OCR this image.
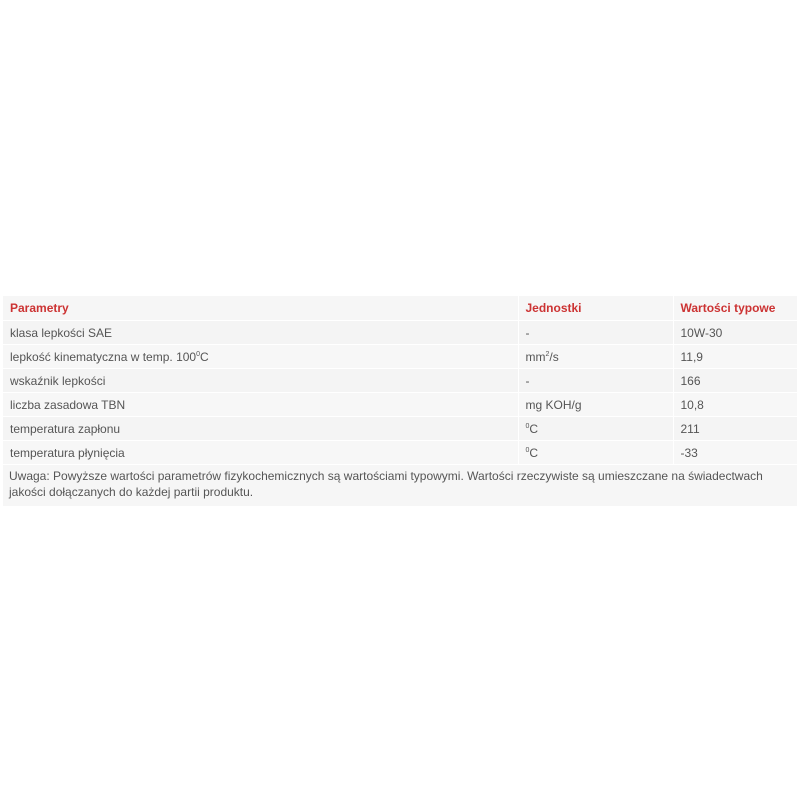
Parametry	Jednostki	Wartości typowe
klasa lepkości SAE	-	10W-30
lepkość kinematyczna w temp. $100^0C$	$mm^2/s$	11,9
wskaźnik lepkości	-	166
liczba zasadowa TBN	mg KOH/g	10,8
temperatura zapłonu	$^0$C	211
temperatura płynięcia	$^0$C	-33
Uwaga: Powyższe wartości parametrów fizykochemicznych są wartościami typowymi. Wartości rzeczywiste są umieszczane na świadectwach jakości dołączanych do każdej partii produktu.
